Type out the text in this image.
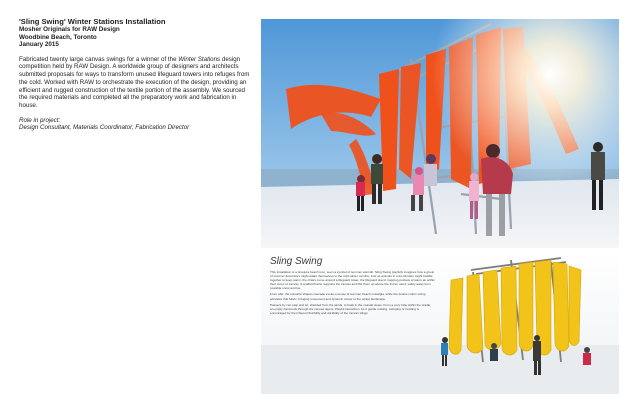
'Sling Swing' Winter Stations Installation

Mosher Originals for RAW Design

Woodbine Beach, Toronto

January 2015

Fabricated twenty large canvas swings for a winner of the Winter Stations design competition held by RAW Design. A worldwide group of designers and architects submitted proposals for ways to transform unused lifeguard towers into refuges from the cold. Worked with RAW to orchestrate the execution of the design, providing an efficient and rugged construction of the textile portion of the assembly. We sourced the required materials and completed all the preparatory work and fabrication in house.
Role in project:
Design Consultant, Materials Coordinator, Fabrication Director
Sling Swing

This installation is a timeless beach icon, seen a symbol of summer warmth. Sling Swing playfully imagines how a group of summer decorators might adapt themselves to the cold winter months. Just as animals in cold climates might huddle together to keep warm, the chairs come around a lifeguard tower, the lifeguard stand, trapping pockets of warm air within their cores of canvas. A scaffold frame supports the canvas and lifts them up above the frozen sand, safely away from possible snow and ice.

From afar, the colourful shapes cascade evoke a sense of summer beach nostalgia, while the festive colors swing activates that fabric, bringing movement and dynamic colour to the winter landscape.

Passers-by can stop and sit, shielded from the winds, to bask in the coastal views. From a cozy hide within the cradle, an empty hammock through the canvas layers. Playful interaction, be it gentle rocking, swinging or nestling is encouraged by the inherent flexibility and durability of the canvas slings.
